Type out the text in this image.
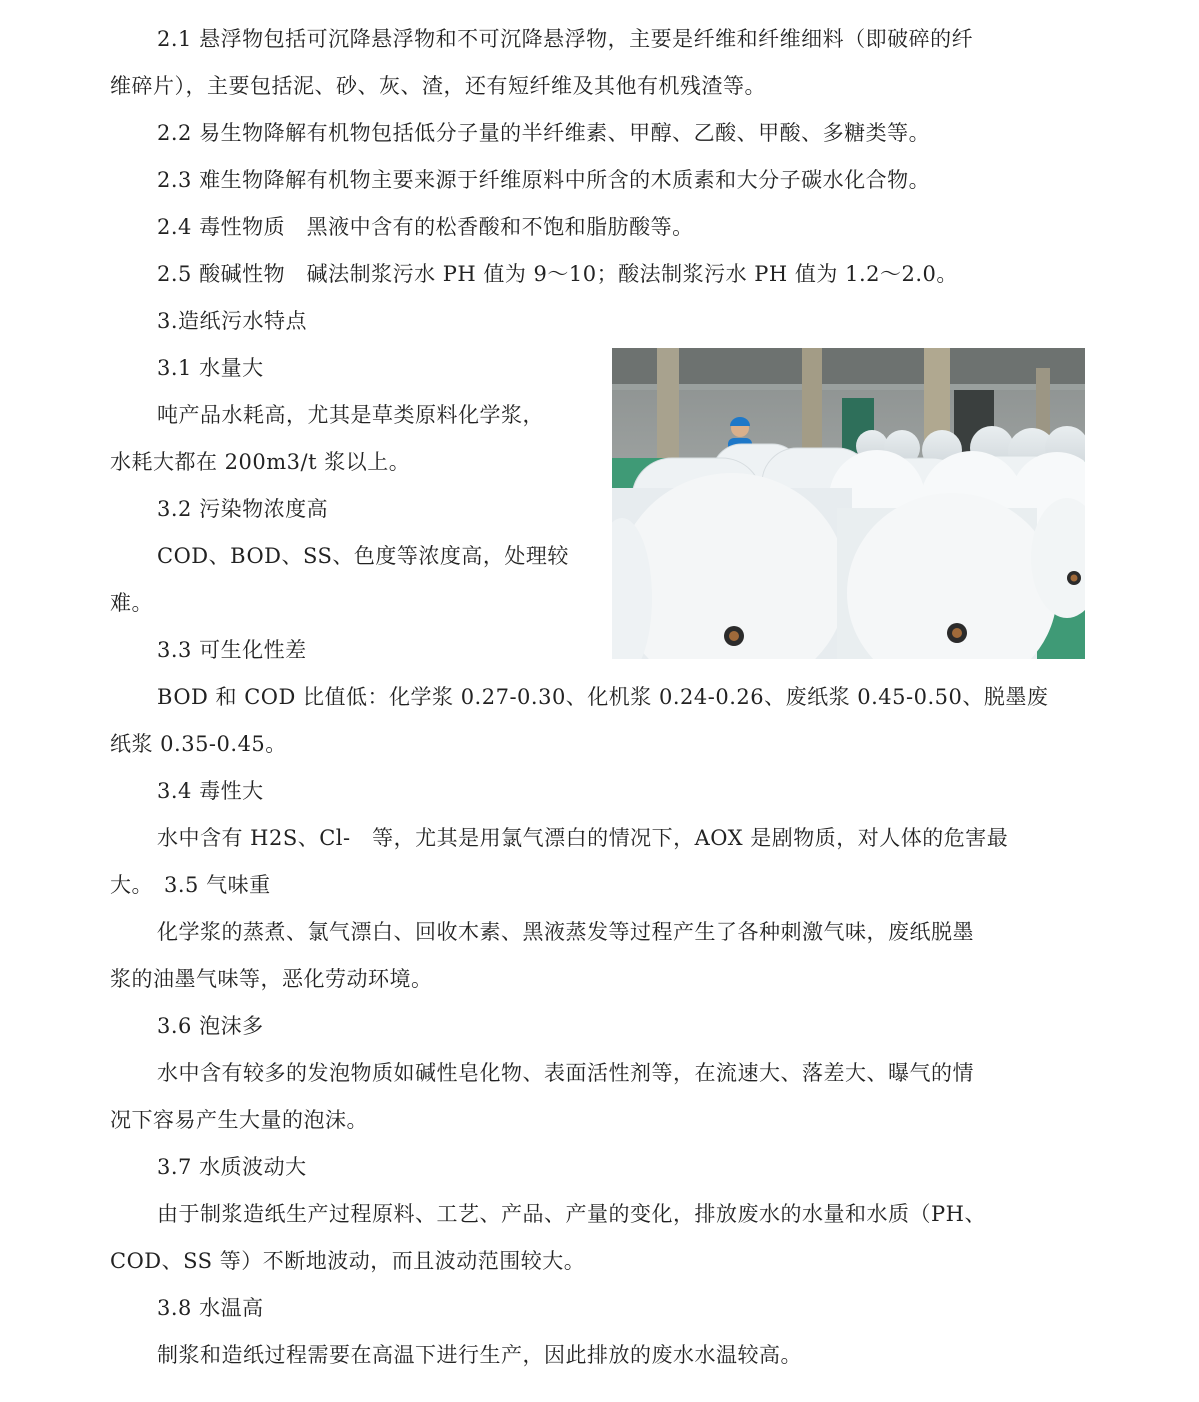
2.1 悬浮物包括可沉降悬浮物和不可沉降悬浮物，主要是纤维和纤维细料（即破碎的纤
维碎片），主要包括泥、砂、灰、渣，还有短纤维及其他有机残渣等。
2.2 易生物降解有机物包括低分子量的半纤维素、甲醇、乙酸、甲酸、多糖类等。
2.3 难生物降解有机物主要来源于纤维原料中所含的木质素和大分子碳水化合物。
2.4 毒性物质　黑液中含有的松香酸和不饱和脂肪酸等。
2.5 酸碱性物　碱法制浆污水 PH 值为 9～10；酸法制浆污水 PH 值为 1.2～2.0。
3.造纸污水特点
3.1 水量大
吨产品水耗高，尤其是草类原料化学浆，
水耗大都在 200m3/t 浆以上。
3.2 污染物浓度高
COD、BOD、SS、色度等浓度高，处理较
难。
3.3 可生化性差
BOD 和 COD 比值低：化学浆 0.27-0.30、化机浆 0.24-0.26、废纸浆 0.45-0.50、脱墨废
纸浆 0.35-0.45。
3.4 毒性大
水中含有 H2S、Cl-　等，尤其是用氯气漂白的情况下，AOX 是剧物质，对人体的危害最
大。　3.5 气味重
化学浆的蒸煮、氯气漂白、回收木素、黑液蒸发等过程产生了各种刺激气味，废纸脱墨
浆的油墨气味等，恶化劳动环境。
3.6 泡沫多
水中含有较多的发泡物质如碱性皂化物、表面活性剂等，在流速大、落差大、曝气的情
况下容易产生大量的泡沫。
3.7 水质波动大
由于制浆造纸生产过程原料、工艺、产品、产量的变化，排放废水的水量和水质（PH、
COD、SS 等）不断地波动，而且波动范围较大。
3.8 水温高
制浆和造纸过程需要在高温下进行生产，因此排放的废水水温较高。
